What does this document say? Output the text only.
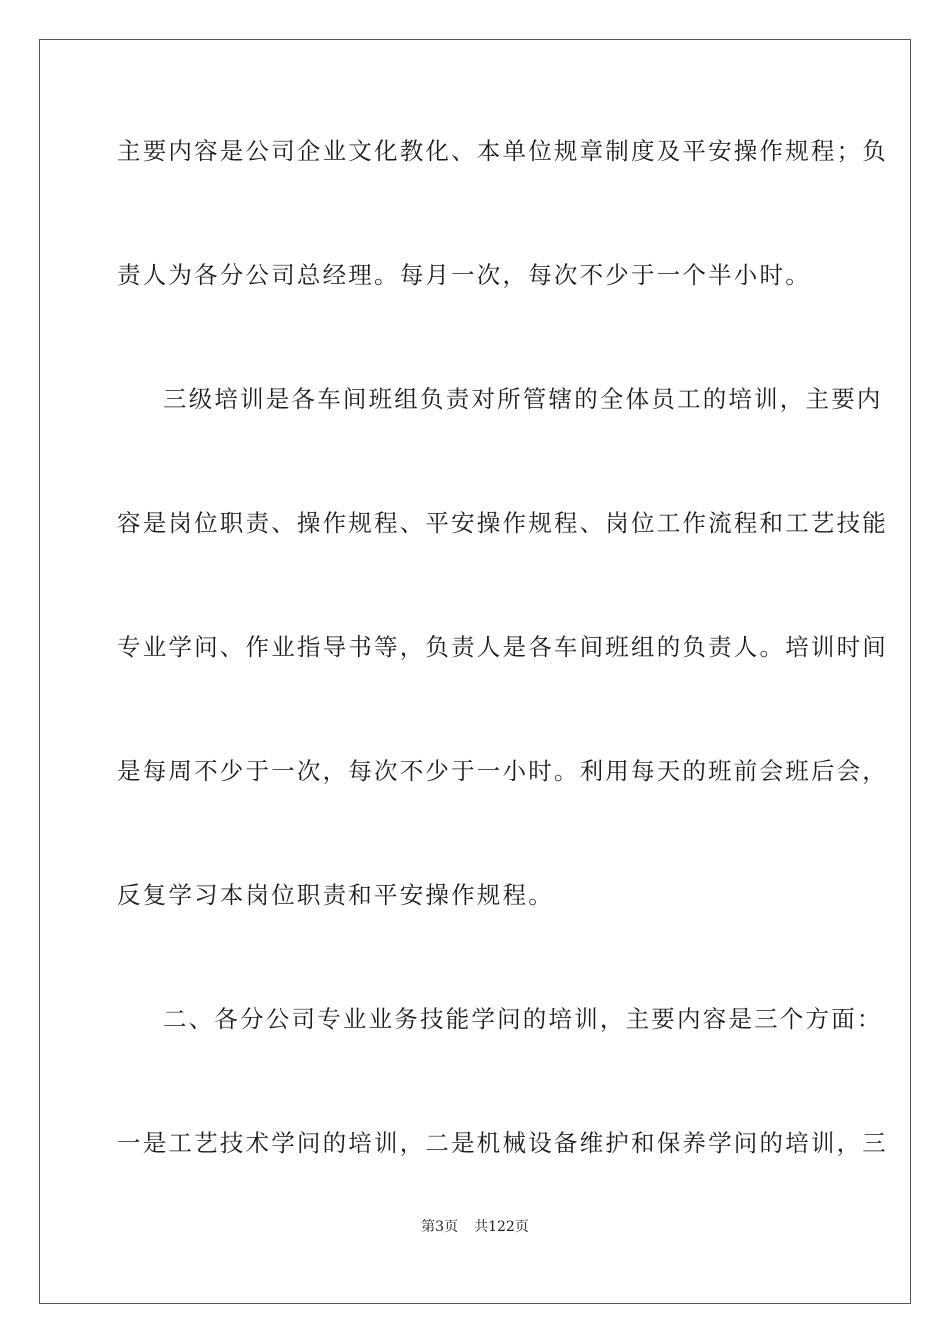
主要内容是公司企业文化教化、本单位规章制度及平安操作规程；负
责人为各分公司总经理。每月一次，每次不少于一个半小时。
三级培训是各车间班组负责对所管辖的全体员工的培训，主要内
容是岗位职责、操作规程、平安操作规程、岗位工作流程和工艺技能
专业学问、作业指导书等，负责人是各车间班组的负责人。培训时间
是每周不少于一次，每次不少于一小时。利用每天的班前会班后会，
反复学习本岗位职责和平安操作规程。
二、各分公司专业业务技能学问的培训，主要内容是三个方面：
一是工艺技术学问的培训，二是机械设备维护和保养学问的培训，三
第3页 共122页
